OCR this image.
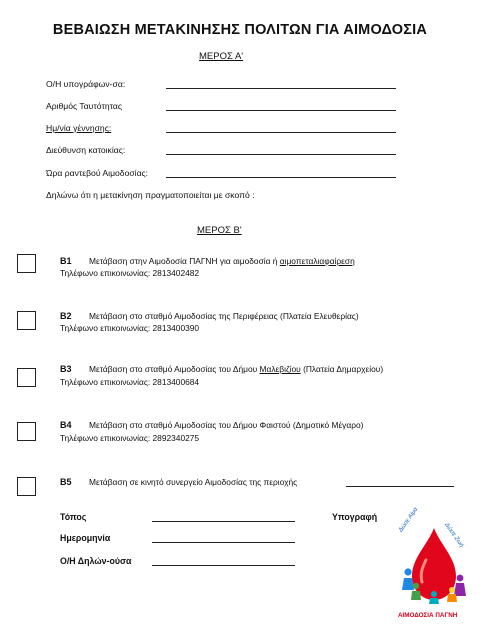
ΒΕΒΑΙΩΣΗ ΜΕΤΑΚΙΝΗΣΗΣ ΠΟΛΙΤΩΝ ΓΙΑ ΑΙΜΟΔΟΣΙΑ
ΜΕΡΟΣ Α'
Ο/Η υπογράφων-σα:
Αριθμός Ταυτότητας
Ημ/νία γέννησης:
Διεύθυνση κατοικίας:
Ώρα ραντεβού Αιμοδοσίας:
Δηλώνω ότι η μετακίνηση πραγματοποιείται με σκοπό :
ΜΕΡΟΣ Β'
B1 Μετάβαση στην Αιμοδοσία ΠΑΓΝΗ για αιμοδοσία ή αιμοπεταλιαφαίρεση
Τηλέφωνο επικοινωνίας: 2813402482
B2 Μετάβαση στο σταθμό Αιμοδοσίας της Περιφέρειας (Πλατεία Ελευθερίας)
Τηλέφωνο επικοινωνίας: 2813400390
B3 Μετάβαση στο σταθμό Αιμοδοσίας του Δήμου Μαλεβιζίου (Πλατεία Δημαρχείου)
Τηλέφωνο επικοινωνίας: 2813400684
B4 Μετάβαση στο σταθμό Αιμοδοσίας του Δήμου Φαιστού (Δημοτικό Μέγαρο)
Τηλέφωνο επικοινωνίας: 2892340275
B5 Μετάβαση σε κινητό συνεργείο Αιμοδοσίας της περιοχής
Τόπος	Υπογραφή
Ημερομηνία
Ο/Η Δηλών-ούσα
Δώσε Αίμα
Δώσε Ζωή
ΑΙΜΟΔΟΣΙΑ ΠΑΓΝΗ
